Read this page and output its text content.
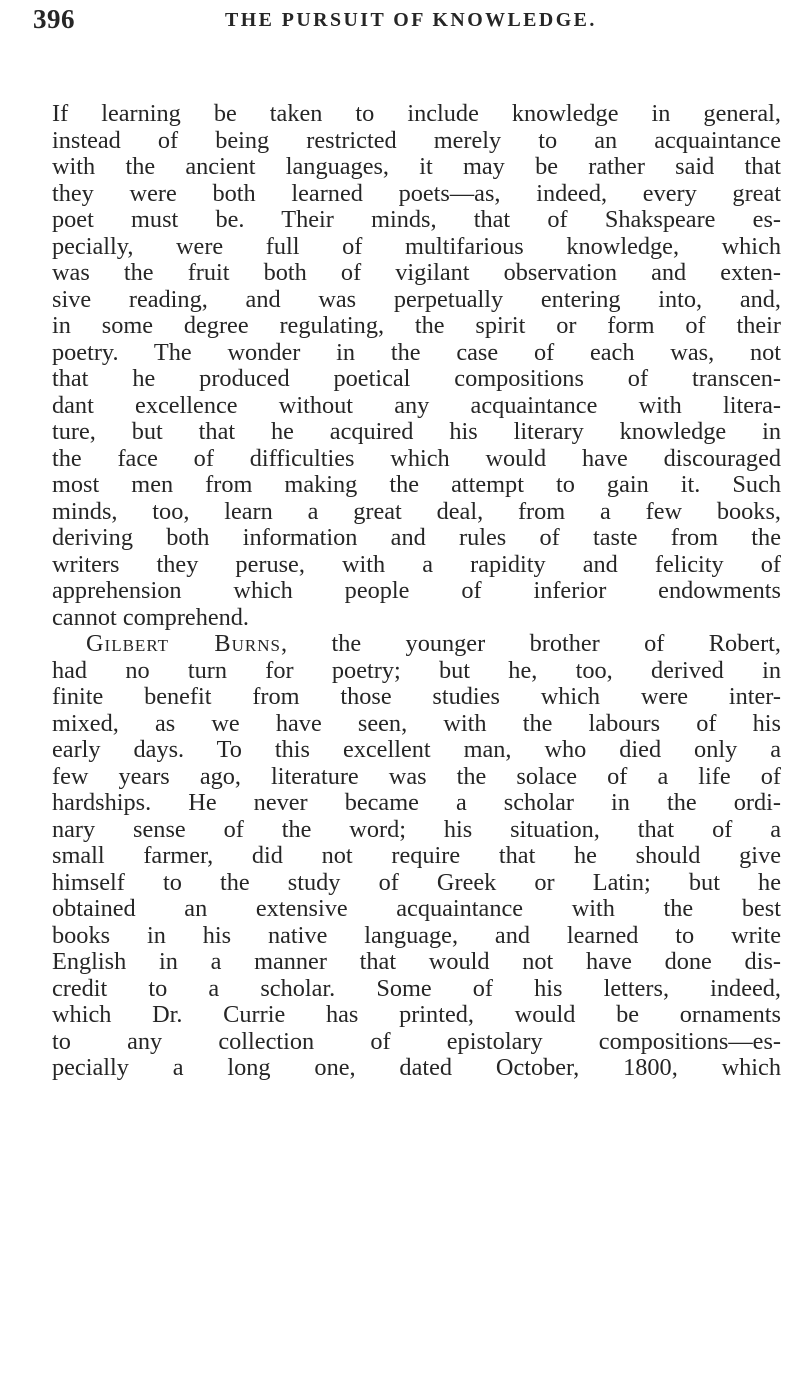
396	THE PURSUIT OF KNOWLEDGE.
If learning be taken to include knowledge in general,
instead of being restricted merely to an acquaintance
with the ancient languages, it may be rather said that
they were both learned poets—as, indeed, every great
poet must be. Their minds, that of Shakspeare es-
pecially, were full of multifarious knowledge, which
was the fruit both of vigilant observation and exten-
sive reading, and was perpetually entering into, and,
in some degree regulating, the spirit or form of their
poetry. The wonder in the case of each was, not
that he produced poetical compositions of transcen-
dant excellence without any acquaintance with litera-
ture, but that he acquired his literary knowledge in
the face of difficulties which would have discouraged
most men from making the attempt to gain it. Such
minds, too, learn a great deal, from a few books,
deriving both information and rules of taste from the
writers they peruse, with a rapidity and felicity of
apprehension which people of inferior endowments
cannot comprehend.
Gilbert Burns, the younger brother of Robert,
had no turn for poetry; but he, too, derived in
finite benefit from those studies which were inter-
mixed, as we have seen, with the labours of his
early days. To this excellent man, who died only a
few years ago, literature was the solace of a life of
hardships. He never became a scholar in the ordi-
nary sense of the word; his situation, that of a
small farmer, did not require that he should give
himself to the study of Greek or Latin; but he
obtained an extensive acquaintance with the best
books in his native language, and learned to write
English in a manner that would not have done dis-
credit to a scholar. Some of his letters, indeed,
which Dr. Currie has printed, would be ornaments
to any collection of epistolary compositions—es-
pecially a long one, dated October, 1800, which
